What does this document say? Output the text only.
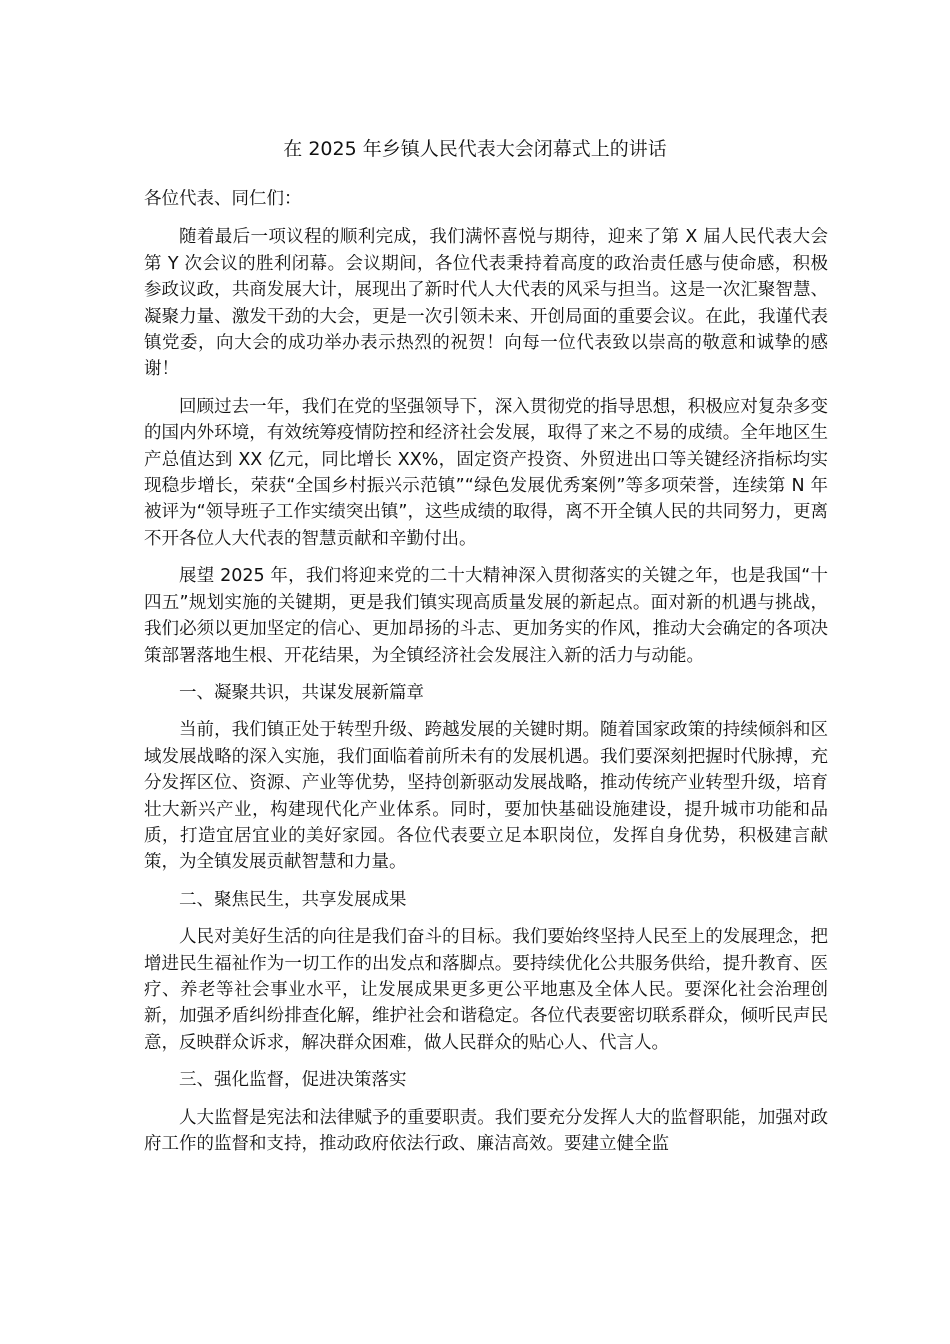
在 2025 年乡镇人民代表大会闭幕式上的讲话

各位代表、同仁们：

随着最后一项议程的顺利完成，我们满怀喜悦与期待，迎来了第 X 届人民代表大会第 Y 次会议的胜利闭幕。会议期间，各位代表秉持着高度的政治责任感与使命感，积极参政议政，共商发展大计，展现出了新时代人大代表的风采与担当。这是一次汇聚智慧、凝聚力量、激发干劲的大会，更是一次引领未来、开创局面的重要会议。在此，我谨代表镇党委，向大会的成功举办表示热烈的祝贺！向每一位代表致以崇高的敬意和诚挚的感谢！

回顾过去一年，我们在党的坚强领导下，深入贯彻党的指导思想，积极应对复杂多变的国内外环境，有效统筹疫情防控和经济社会发展，取得了来之不易的成绩。全年地区生产总值达到 XX 亿元，同比增长 XX%，固定资产投资、外贸进出口等关键经济指标均实现稳步增长，荣获“全国乡村振兴示范镇”“绿色发展优秀案例”等多项荣誉，连续第 N 年被评为“领导班子工作实绩突出镇”，这些成绩的取得，离不开全镇人民的共同努力，更离不开各位人大代表的智慧贡献和辛勤付出。

展望 2025 年，我们将迎来党的二十大精神深入贯彻落实的关键之年，也是我国“十四五”规划实施的关键期，更是我们镇实现高质量发展的新起点。面对新的机遇与挑战，我们必须以更加坚定的信心、更加昂扬的斗志、更加务实的作风，推动大会确定的各项决策部署落地生根、开花结果，为全镇经济社会发展注入新的活力与动能。

一、凝聚共识，共谋发展新篇章

当前，我们镇正处于转型升级、跨越发展的关键时期。随着国家政策的持续倾斜和区域发展战略的深入实施，我们面临着前所未有的发展机遇。我们要深刻把握时代脉搏，充分发挥区位、资源、产业等优势，坚持创新驱动发展战略，推动传统产业转型升级，培育壮大新兴产业，构建现代化产业体系。同时，要加快基础设施建设，提升城市功能和品质，打造宜居宜业的美好家园。各位代表要立足本职岗位，发挥自身优势，积极建言献策，为全镇发展贡献智慧和力量。

二、聚焦民生，共享发展成果

人民对美好生活的向往是我们奋斗的目标。我们要始终坚持人民至上的发展理念，把增进民生福祉作为一切工作的出发点和落脚点。要持续优化公共服务供给，提升教育、医疗、养老等社会事业水平，让发展成果更多更公平地惠及全体人民。要深化社会治理创新，加强矛盾纠纷排查化解，维护社会和谐稳定。各位代表要密切联系群众，倾听民声民意，反映群众诉求，解决群众困难，做人民群众的贴心人、代言人。

三、强化监督，促进决策落实

人大监督是宪法和法律赋予的重要职责。我们要充分发挥人大的监督职能，加强对政府工作的监督和支持，推动政府依法行政、廉洁高效。要建立健全监
